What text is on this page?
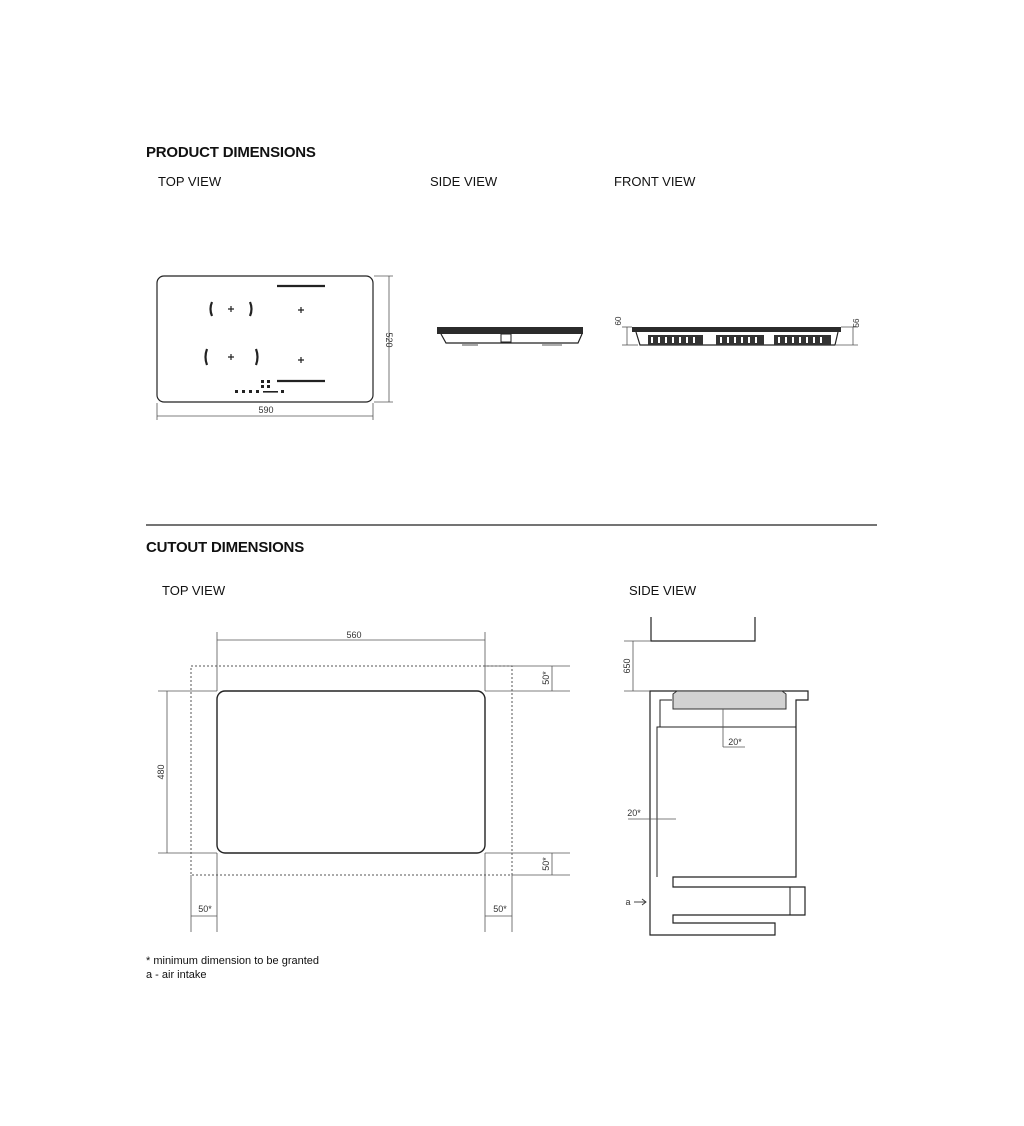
PRODUCT DIMENSIONS
TOP VIEW	SIDE VIEW	FRONT VIEW
CUTOUT DIMENSIONS
TOP VIEW	SIDE VIEW
* minimum dimension to be granted
a - air intake
590
520
60	56
560
480
50*
50*
50*	50*
650
20*
20*
a
